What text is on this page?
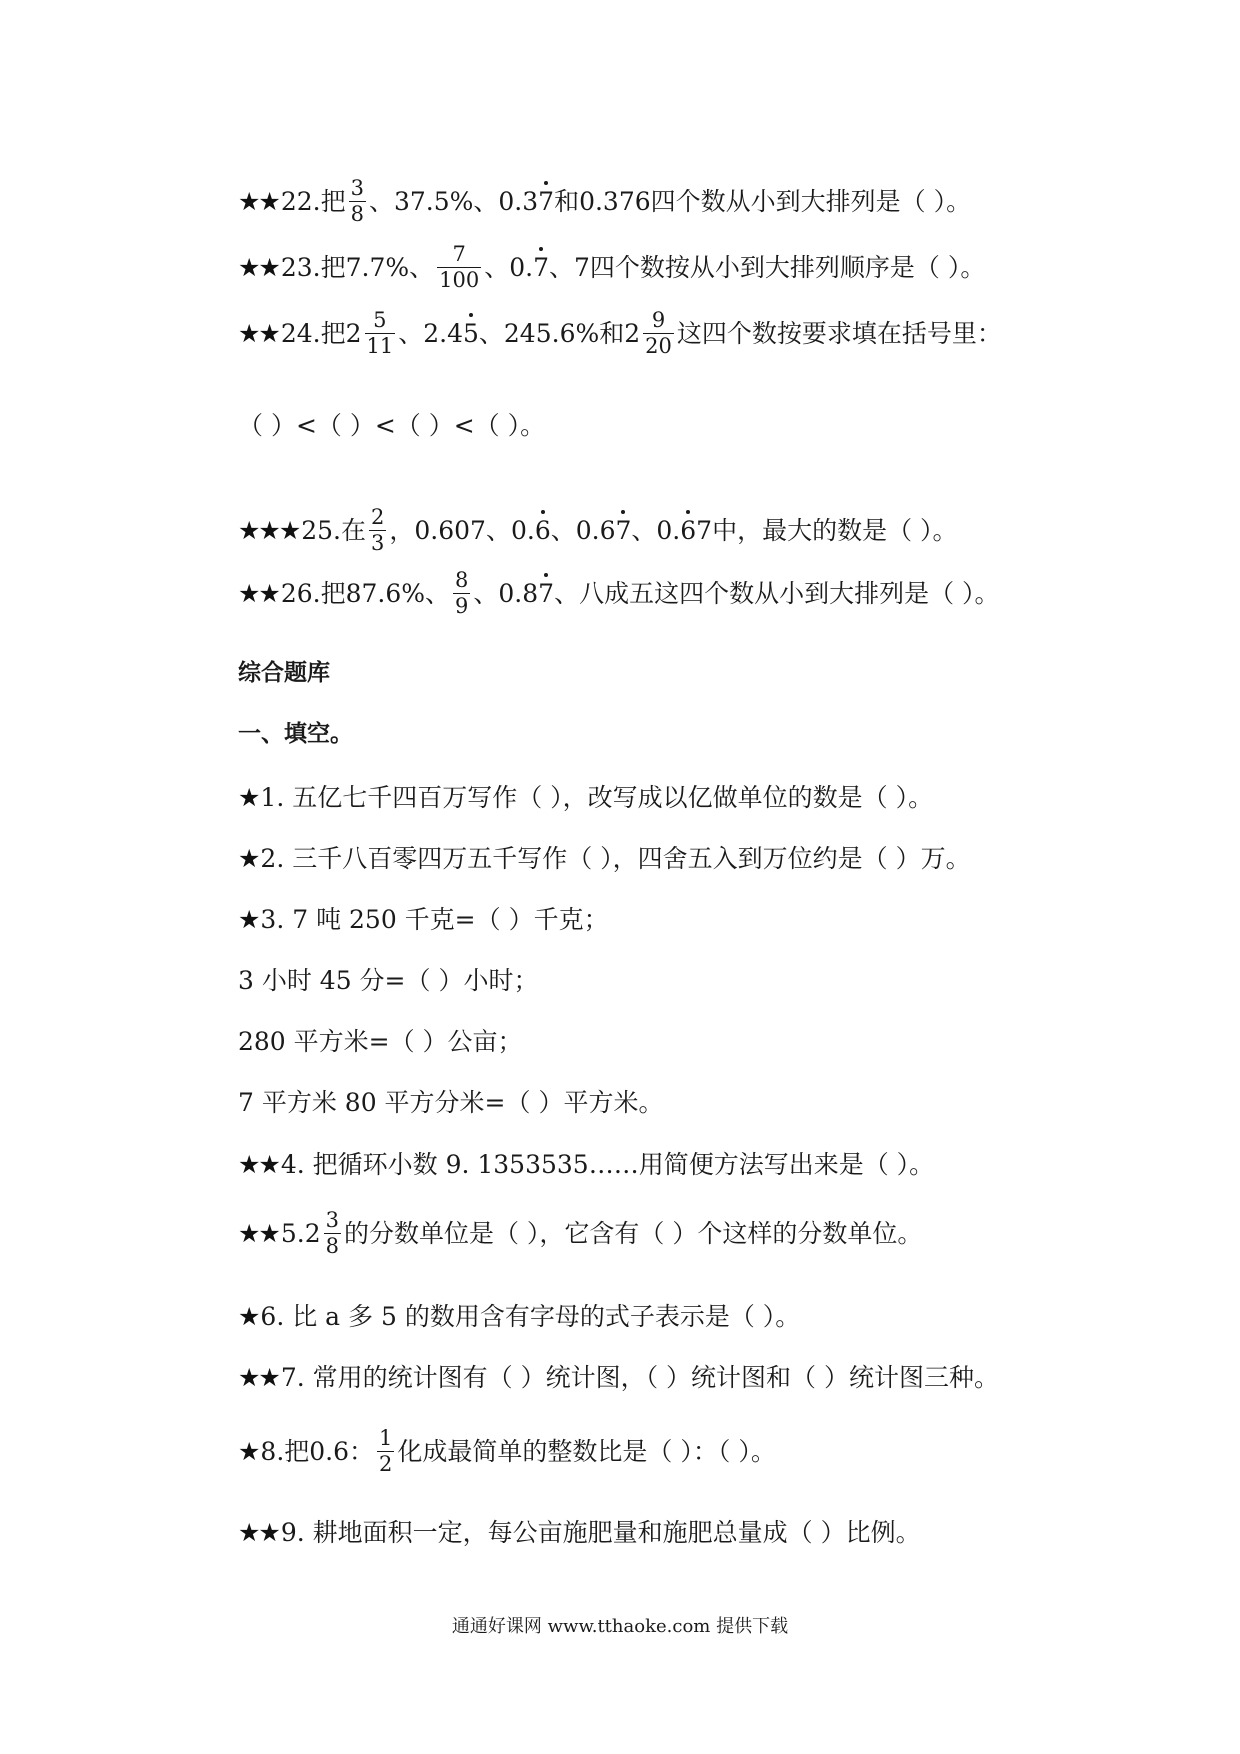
★★ 22.把 $\frac{3}{8}$ 、37.5%、0.3 7 和0.376四个数从小到大排列是（ ）。
★★ 23.把7.7%、 $\frac{7}{100}$ 、0. 7 、7四个数按从小到大排列顺序是（ ）。
★★ 24.把 $2 \frac{5}{11}$ 、2.4 5 、245.6%和 $2 \frac{9}{20}$ 这四个数按要求填在括号里：
（ ）<（ ）<（ ）<（ ）。
★★★ 25.在 $\frac{2}{3}$ ，0.607、0. 6 、0.6 7 、0. 6 7 中，最大的数是（ ）。
★★ 26.把87.6%、 $\frac{8}{9}$ 、0.8 7 、八成五这四个数从小到大排列是（ ）。
综合题库
一、填空。
★ 1. 五亿七千四百万写作（ ），改写成以亿做单位的数是（ ）。
★ 2. 三千八百零四万五千写作（ ），四舍五入到万位约是（ ）万。
★ 3. 7 吨 250 千克=（ ）千克；
3 小时 45 分=（ ）小时；
280 平方米=（ ）公亩；
7 平方米 80 平方分米=（ ）平方米。
★★ 4. 把循环小数 9. 1353535……用简便方法写出来是（ ）。
★★ 5. $2 \frac{3}{8}$ 的分数单位是（ ），它含有（ ）个这样的分数单位。
★ 6. 比 a 多 5 的数用含有字母的式子表示是（ ）。
★★ 7. 常用的统计图有（ ）统计图，（ ）统计图和（ ）统计图三种。
★ 8.把0.6： $\frac{1}{2}$ 化成最简单的整数比是（ ）：（ ）。
★★ 9. 耕地面积一定，每公亩施肥量和施肥总量成（ ）比例。
通通好课网 www.tthaoke.com 提供下载
